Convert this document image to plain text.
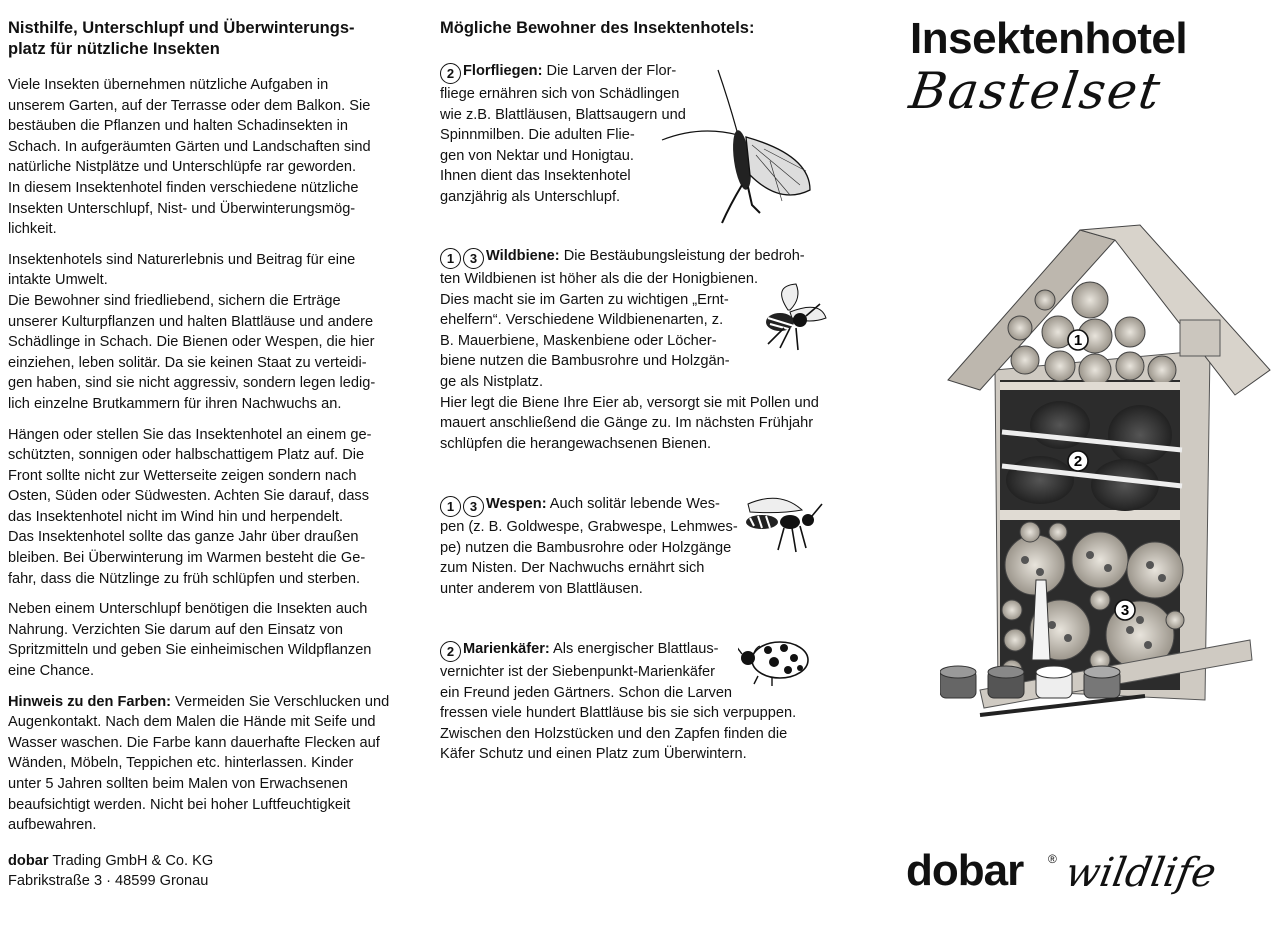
Nisthilfe, Unterschlupf und Überwinterungs-
platz für nützliche Insekten
Viele Insekten übernehmen nützliche Aufgaben in
unserem Garten, auf der Terrasse oder dem Balkon. Sie
bestäuben die Pflanzen und halten Schadinsekten in
Schach. In aufgeräumten Gärten und Landschaften sind
natürliche Nistplätze und Unterschlüpfe rar geworden.
In diesem Insektenhotel finden verschiedene nützliche
Insekten Unterschlupf, Nist- und Überwinterungsmög-
lichkeit.
Insektenhotels sind Naturerlebnis und Beitrag für eine
intakte Umwelt.
Die Bewohner sind friedliebend, sichern die Erträge
unserer Kulturpflanzen und halten Blattläuse und andere
Schädlinge in Schach. Die Bienen oder Wespen, die hier
einziehen, leben solitär. Da sie keinen Staat zu verteidi-
gen haben, sind sie nicht aggressiv, sondern legen ledig-
lich einzelne Brutkammern für ihren Nachwuchs an.
Hängen oder stellen Sie das Insektenhotel an einem ge-
schützten, sonnigen oder halbschattigem Platz auf. Die
Front sollte nicht zur Wetterseite zeigen sondern nach
Osten, Süden oder Südwesten. Achten Sie darauf, dass
das Insektenhotel nicht im Wind hin und herpendelt.
Das Insektenhotel sollte das ganze Jahr über draußen
bleiben. Bei Überwinterung im Warmen besteht die Ge-
fahr, dass die Nützlinge zu früh schlüpfen und sterben.
Neben einem Unterschlupf benötigen die Insekten auch
Nahrung. Verzichten Sie darum auf den Einsatz von
Spritzmitteln und geben Sie einheimischen Wildpflanzen
eine Chance.
Hinweis zu den Farben: Vermeiden Sie Verschlucken und
Augenkontakt. Nach dem Malen die Hände mit Seife und
Wasser waschen. Die Farbe kann dauerhafte Flecken auf
Wänden, Möbeln, Teppichen etc. hinterlassen. Kinder
unter 5 Jahren sollten beim Malen von Erwachsenen
beaufsichtigt werden. Nicht bei hoher Luftfeuchtigkeit
aufbewahren.
dobar Trading GmbH & Co. KG
Fabrikstraße 3 · 48599 Gronau
Mögliche Bewohner des Insektenhotels:
2 Florfliegen: Die Larven der Flor-
fliege ernähren sich von Schädlingen
wie z.B. Blattläusen, Blattsaugern und
Spinnmilben. Die adulten Flie-
gen von Nektar und Honigtau.
Ihnen dient das Insektenhotel
ganzjährig als Unterschlupf.
1 3 Wildbiene: Die Bestäubungsleistung der bedroh-
ten Wildbienen ist höher als die der Honigbienen.
Dies macht sie im Garten zu wichtigen „Ernt-
ehelfern“. Verschiedene Wildbienenarten, z.
B. Mauerbiene, Maskenbiene oder Löcher-
biene nutzen die Bambusrohre und Holzgän-
ge als Nistplatz.
Hier legt die Biene Ihre Eier ab, versorgt sie mit Pollen und
mauert anschließend die Gänge zu. Im nächsten Frühjahr
schlüpfen die herangewachsenen Bienen.
1 3 Wespen: Auch solitär lebende Wes-
pen (z. B. Goldwespe, Grabwespe, Lehmwes-
pe) nutzen die Bambusrohre oder Holzgänge
zum Nisten. Der Nachwuchs ernährt sich
unter anderem von Blattläusen.
2 Marienkäfer: Als energischer Blattlaus-
vernichter ist der Siebenpunkt-Marienkäfer
ein Freund jeden Gärtners. Schon die Larven
fressen viele hundert Blattläuse bis sie sich verpuppen.
Zwischen den Holzstücken und den Zapfen finden die
Käfer Schutz und einen Platz zum Überwintern.
Insektenhotel
Bastelset
1
2
3
dobar ® wildlife
